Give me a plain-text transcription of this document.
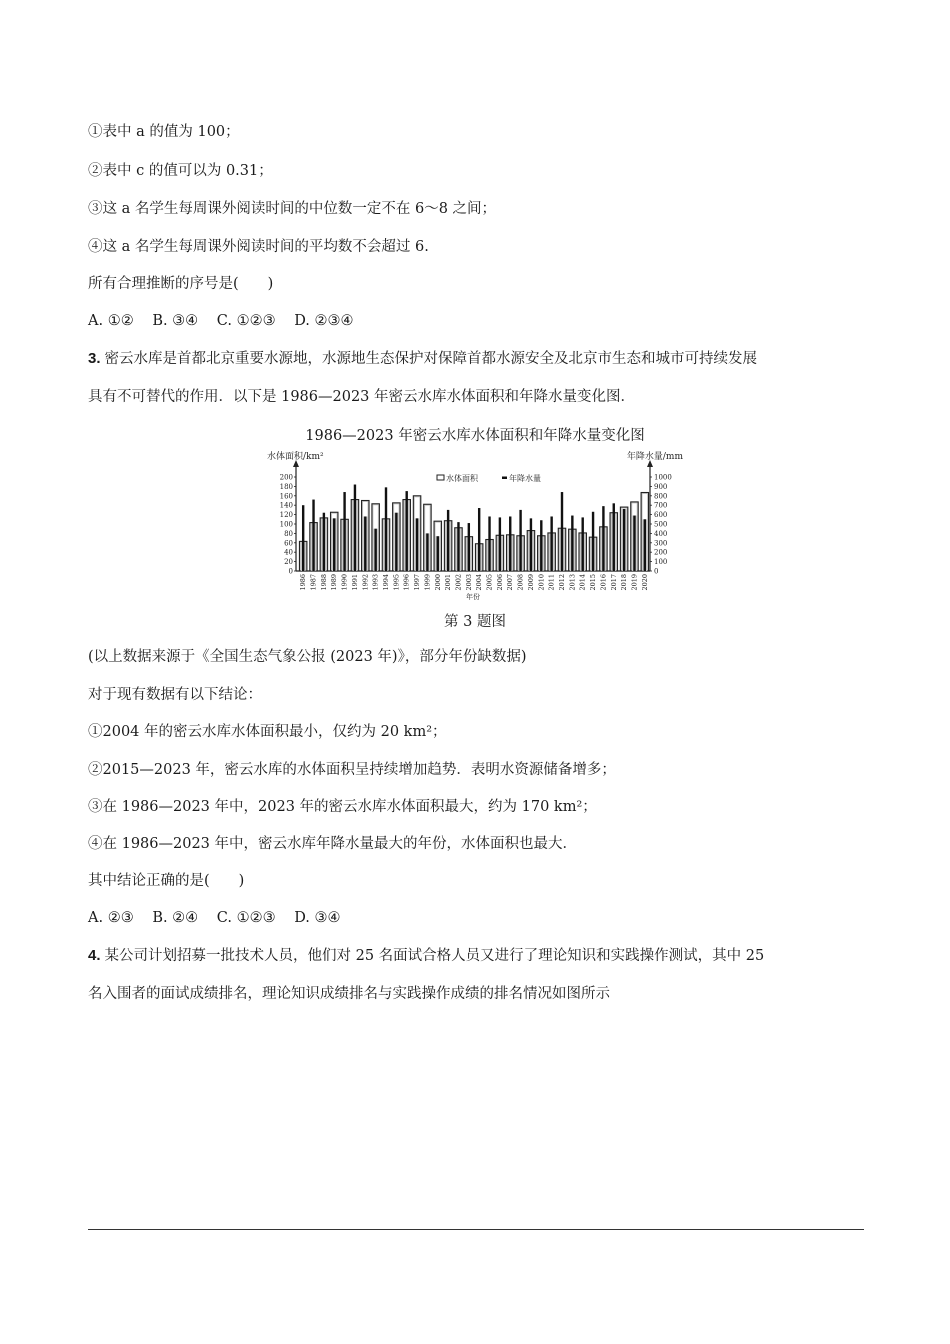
①表中 a 的值为 100；
②表中 c 的值可以为 0.31；
③这 a 名学生每周课外阅读时间的中位数一定不在 6～8 之间；
④这 a 名学生每周课外阅读时间的平均数不会超过 6.
所有合理推断的序号是(　　)
A. ①② B. ③④ C. ①②③ D. ②③④
3. 密云水库是首都北京重要水源地，水源地生态保护对保障首都水源安全及北京市生态和城市可持续发展
具有不可替代的作用．以下是 1986—2023 年密云水库水体面积和年降水量变化图．
1986—2023 年密云水库水体面积和年降水量变化图
水体面积/km²	年降水量/mm
0
20
40
60
80
100
120
140
160
180
200
0
100
200
300
400
500
600
700
800
900
1000
水体面积	年降水量
1986 1987 1988 1989 1990 1991 1992 1993 1994 1995 1996 1997 1999 2000 2001 2002 2003 2004 2005 2006 2007 2008 2009 2010 2011 2012 2013 2014 2015 2016 2017 2018 2019 2020
年份
第 3 题图
(以上数据来源于《全国生态气象公报 (2023 年)》，部分年份缺数据)
对于现有数据有以下结论：
①2004 年的密云水库水体面积最小，仅约为 20 km²；
②2015—2023 年，密云水库的水体面积呈持续增加趋势．表明水资源储备增多；
③在 1986—2023 年中，2023 年的密云水库水体面积最大，约为 170 km²；
④在 1986—2023 年中，密云水库年降水量最大的年份，水体面积也最大．
其中结论正确的是(　　)
A. ②③ B. ②④ C. ①②③ D. ③④
4. 某公司计划招募一批技术人员，他们对 25 名面试合格人员又进行了理论知识和实践操作测试，其中 25
名入围者的面试成绩排名，理论知识成绩排名与实践操作成绩的排名情况如图所示
